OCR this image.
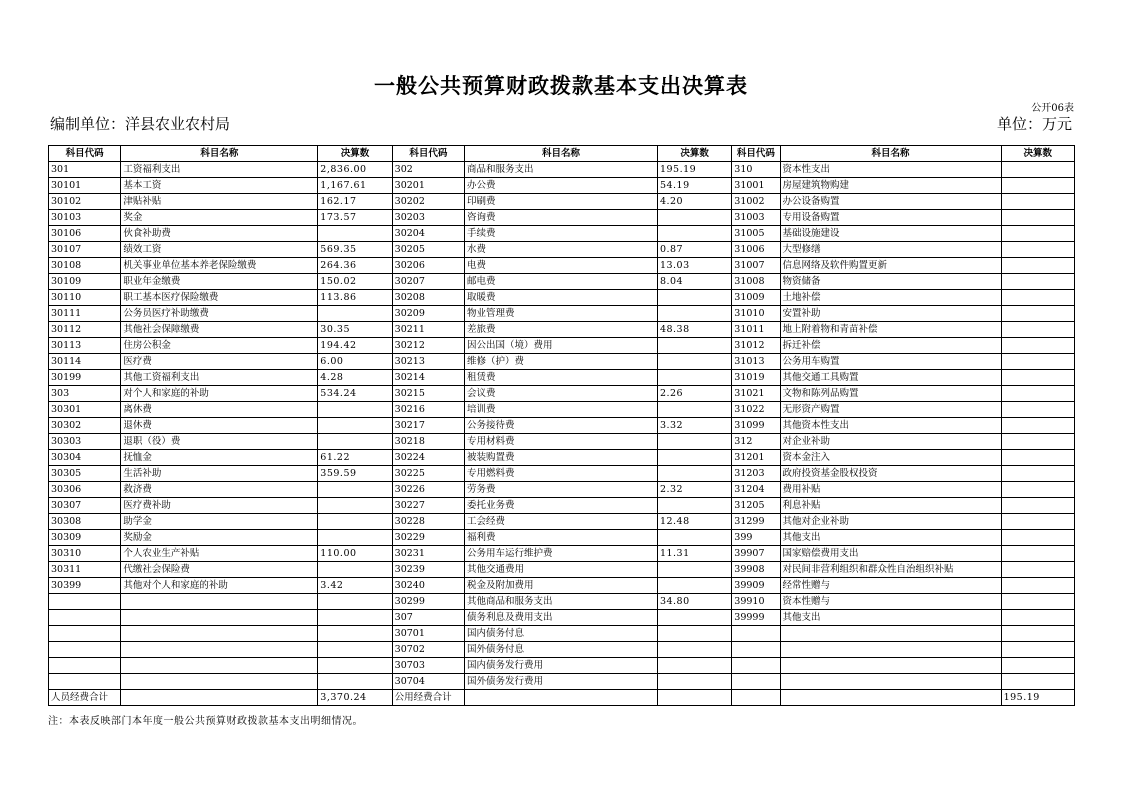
一般公共预算财政拨款基本支出决算表
公开06表
编制单位：洋县农业农村局	单位：万元
科目代码	科目名称	决算数	科目代码	科目名称	决算数	科目代码	科目名称	决算数
301	工资福利支出	2,836.00	302	商品和服务支出	195.19	310	资本性支出	
30101	基本工资	1,167.61	30201	办公费	54.19	31001	房屋建筑物购建	
30102	津贴补贴	162.17	30202	印刷费	4.20	31002	办公设备购置	
30103	奖金	173.57	30203	咨询费		31003	专用设备购置	
30106	伙食补助费		30204	手续费		31005	基础设施建设	
30107	绩效工资	569.35	30205	水费	0.87	31006	大型修缮	
30108	机关事业单位基本养老保险缴费	264.36	30206	电费	13.03	31007	信息网络及软件购置更新	
30109	职业年金缴费	150.02	30207	邮电费	8.04	31008	物资储备	
30110	职工基本医疗保险缴费	113.86	30208	取暖费		31009	土地补偿	
30111	公务员医疗补助缴费		30209	物业管理费		31010	安置补助	
30112	其他社会保障缴费	30.35	30211	差旅费	48.38	31011	地上附着物和青苗补偿	
30113	住房公积金	194.42	30212	因公出国（境）费用		31012	拆迁补偿	
30114	医疗费	6.00	30213	维修（护）费		31013	公务用车购置	
30199	其他工资福利支出	4.28	30214	租赁费		31019	其他交通工具购置	
303	对个人和家庭的补助	534.24	30215	会议费	2.26	31021	文物和陈列品购置	
30301	离休费		30216	培训费		31022	无形资产购置	
30302	退休费		30217	公务接待费	3.32	31099	其他资本性支出	
30303	退职（役）费		30218	专用材料费		312	对企业补助	
30304	抚恤金	61.22	30224	被装购置费		31201	资本金注入	
30305	生活补助	359.59	30225	专用燃料费		31203	政府投资基金股权投资	
30306	救济费		30226	劳务费	2.32	31204	费用补贴	
30307	医疗费补助		30227	委托业务费		31205	利息补贴	
30308	助学金		30228	工会经费	12.48	31299	其他对企业补助	
30309	奖励金		30229	福利费		399	其他支出	
30310	个人农业生产补贴	110.00	30231	公务用车运行维护费	11.31	39907	国家赔偿费用支出	
30311	代缴社会保险费		30239	其他交通费用		39908	对民间非营利组织和群众性自治组织补贴	
30399	其他对个人和家庭的补助	3.42	30240	税金及附加费用		39909	经常性赠与	
			30299	其他商品和服务支出	34.80	39910	资本性赠与	
			307	债务利息及费用支出		39999	其他支出	
			30701	国内债务付息				
			30702	国外债务付息				
			30703	国内债务发行费用				
			30704	国外债务发行费用				
人员经费合计		3,370.24	公用经费合计					195.19
注：本表反映部门本年度一般公共预算财政拨款基本支出明细情况。
